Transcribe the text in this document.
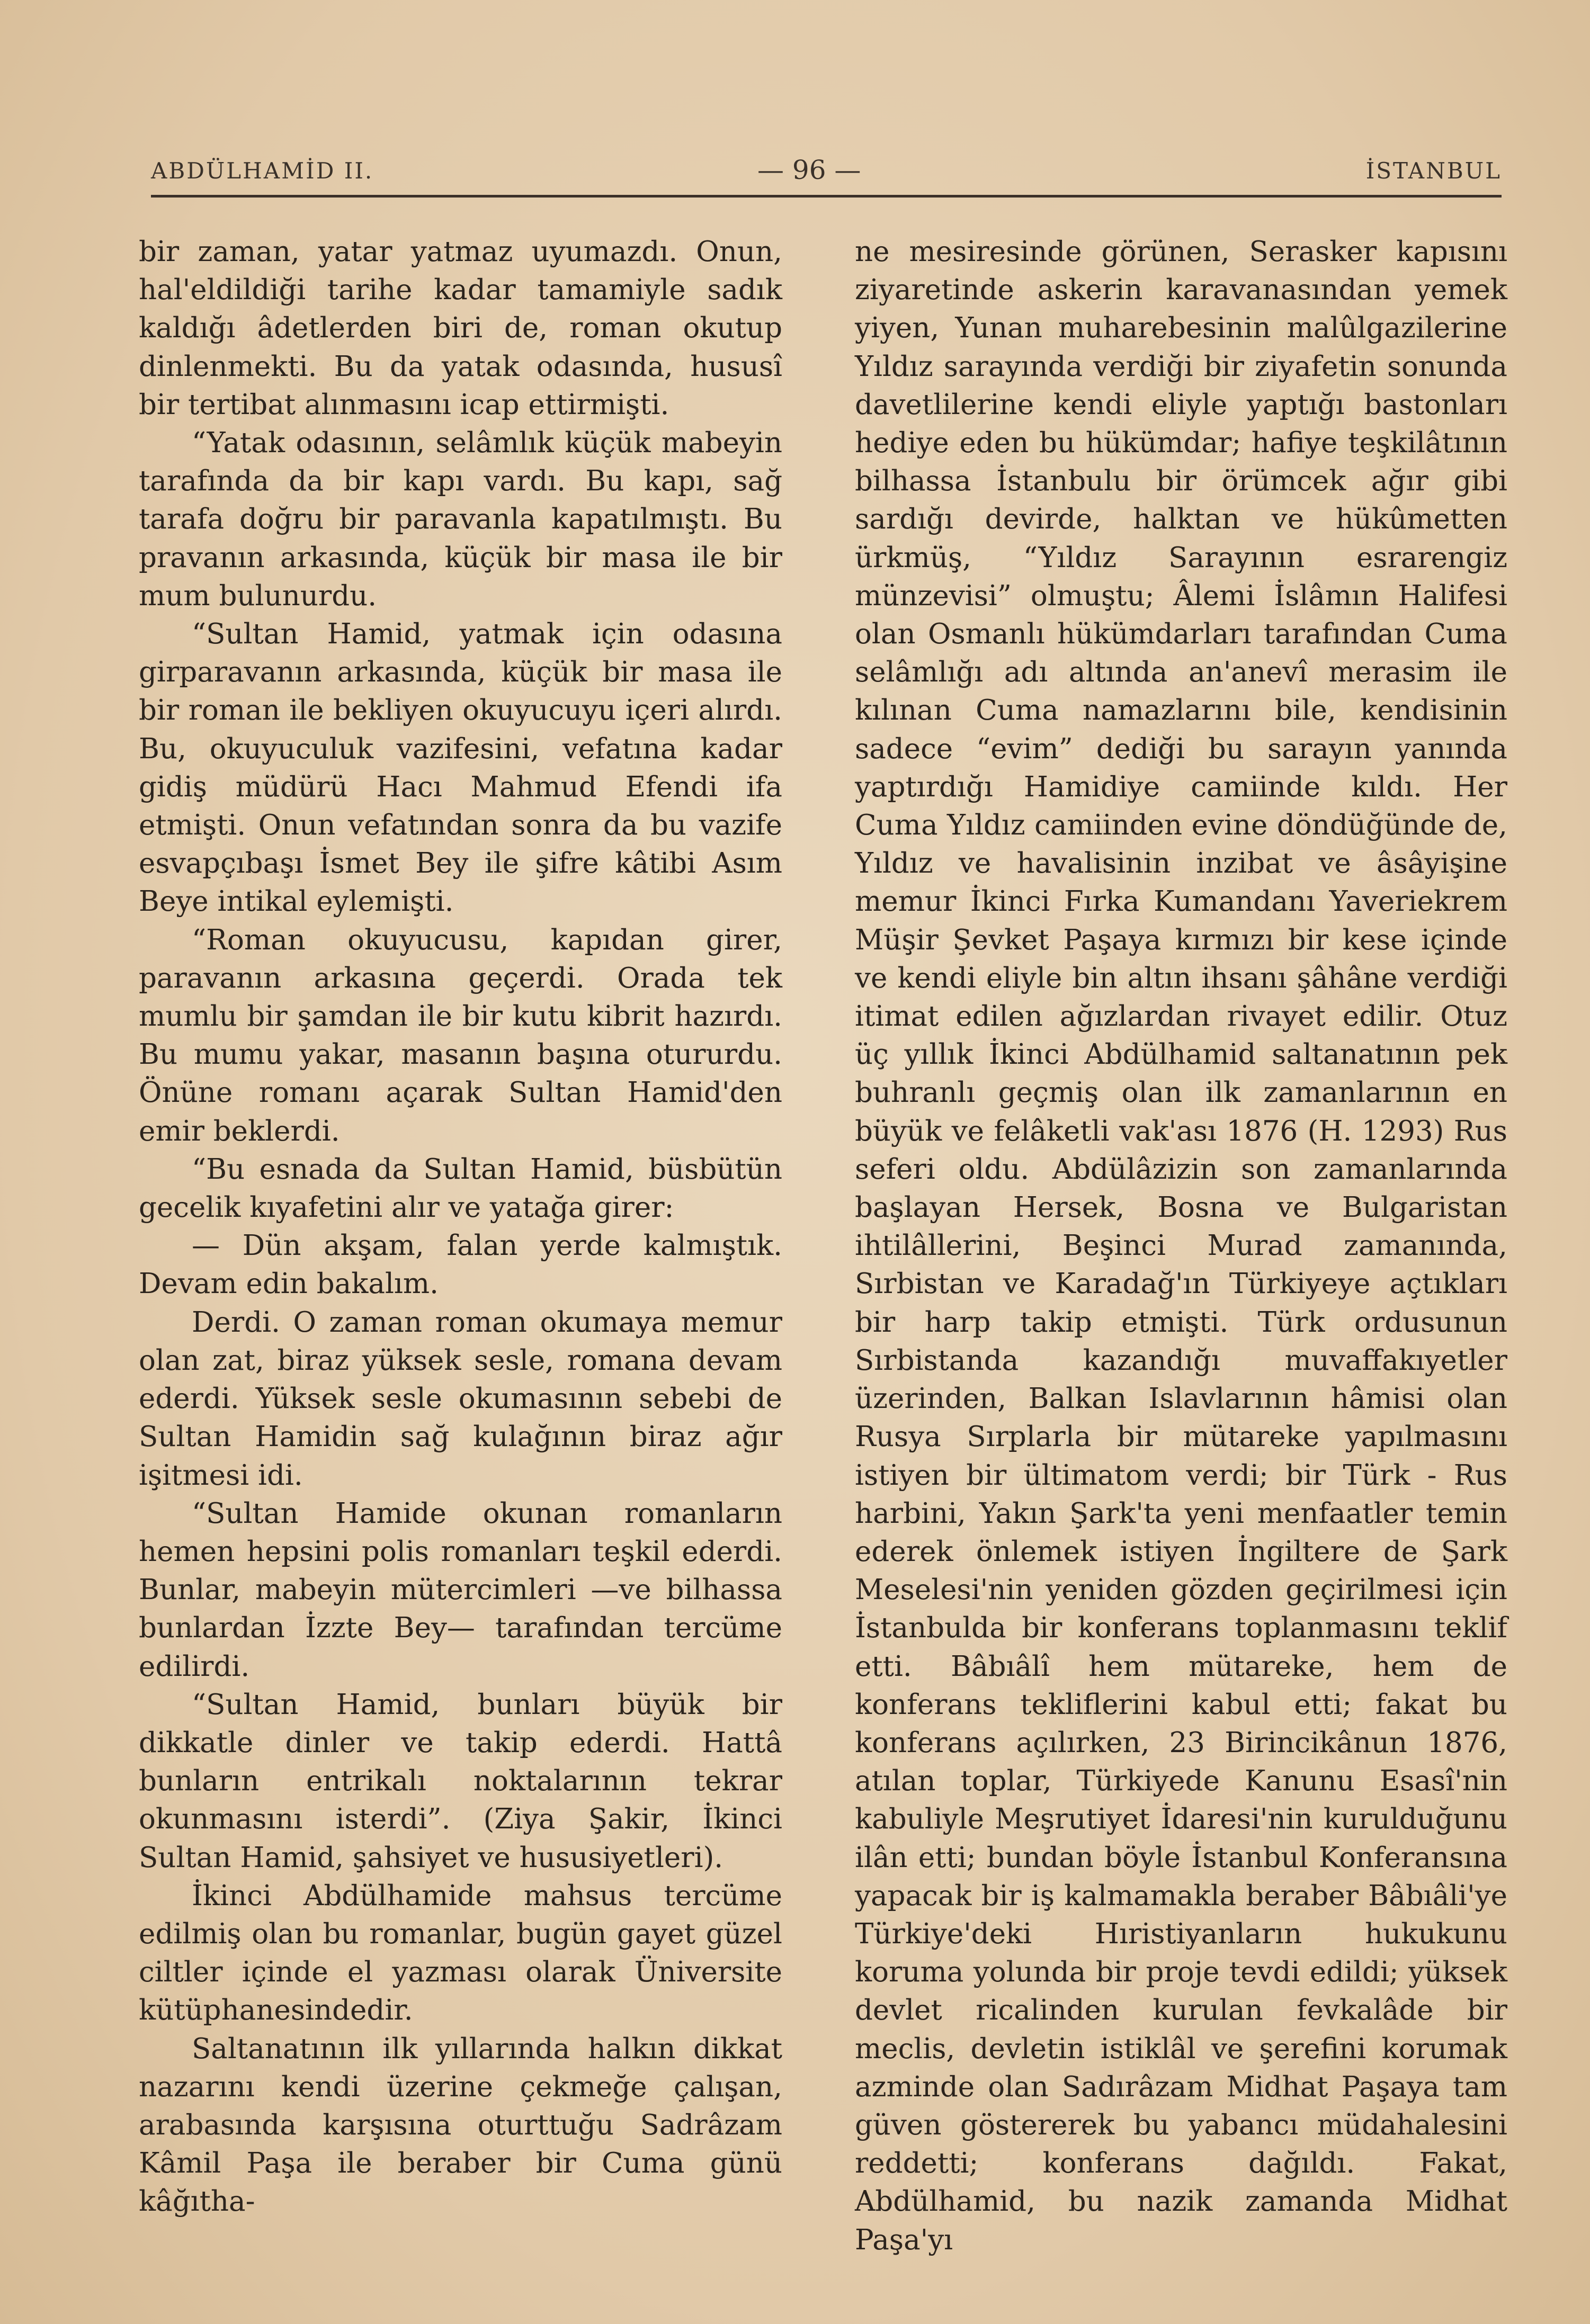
ABDÜLHAMİD II.	— 96 —	İSTANBUL

bir zaman, yatar yatmaz uyumazdı. Onun, hal'eldildiği tarihe kadar tamamiyle sadık kaldığı âdetlerden biri de, roman okutup dinlenmekti. Bu da yatak odasında, hususî bir tertibat alınmasını icap ettirmişti.

“Yatak odasının, selâmlık küçük mabeyin tarafında da bir kapı vardı. Bu kapı, sağ tarafa doğru bir paravanla kapatılmıştı. Bu pravanın arkasında, küçük bir masa ile bir mum bulunurdu.

“Sultan Hamid, yatmak için odasına girparavanın arkasında, küçük bir masa ile bir roman ile bekliyen okuyucuyu içeri alırdı. Bu, okuyuculuk vazifesini, vefatına kadar gidiş müdürü Hacı Mahmud Efendi ifa etmişti. Onun vefatından sonra da bu vazife esvapçıbaşı İsmet Bey ile şifre kâtibi Asım Beye intikal eylemişti.

“Roman okuyucusu, kapıdan girer, paravanın arkasına geçerdi. Orada tek mumlu bir şamdan ile bir kutu kibrit hazırdı. Bu mumu yakar, masanın başına otururdu. Önüne romanı açarak Sultan Hamid'den emir beklerdi.

“Bu esnada da Sultan Hamid, büsbütün gecelik kıyafetini alır ve yatağa girer:

— Dün akşam, falan yerde kalmıştık. Devam edin bakalım.

Derdi. O zaman roman okumaya memur olan zat, biraz yüksek sesle, romana devam ederdi. Yüksek sesle okumasının sebebi de Sultan Hamidin sağ kulağının biraz ağır işitmesi idi.

“Sultan Hamide okunan romanların hemen hepsini polis romanları teşkil ederdi. Bunlar, mabeyin mütercimleri —ve bilhassa bunlardan İzzte Bey— tarafından tercüme edilirdi.

“Sultan Hamid, bunları büyük bir dikkatle dinler ve takip ederdi. Hattâ bunların entrikalı noktalarının tekrar okunmasını isterdi”. (Ziya Şakir, İkinci Sultan Hamid, şahsiyet ve hususiyetleri).

İkinci Abdülhamide mahsus tercüme edilmiş olan bu romanlar, bugün gayet güzel ciltler içinde el yazması olarak Üniversite kütüphanesindedir.

Saltanatının ilk yıllarında halkın dikkat nazarını kendi üzerine çekmeğe çalışan, arabasında karşısına oturttuğu Sadrâzam Kâmil Paşa ile beraber bir Cuma günü kâğıtha-

ne mesiresinde görünen, Serasker kapısını ziyaretinde askerin karavanasından yemek yiyen, Yunan muharebesinin malûlgazilerine Yıldız sarayında verdiği bir ziyafetin sonunda davetlilerine kendi eliyle yaptığı bastonları hediye eden bu hükümdar; hafiye teşkilâtının bilhassa İstanbulu bir örümcek ağır gibi sardığı devirde, halktan ve hükûmetten ürkmüş, “Yıldız Sarayının esrarengiz münzevisi” olmuştu; Âlemi İslâmın Halifesi olan Osmanlı hükümdarları tarafından Cuma selâmlığı adı altında an'anevî merasim ile kılınan Cuma namazlarını bile, kendisinin sadece “evim” dediği bu sarayın yanında yaptırdığı Hamidiye camiinde kıldı. Her Cuma Yıldız camiinden evine döndüğünde de, Yıldız ve havalisinin inzibat ve âsâyişine memur İkinci Fırka Kumandanı Yaveriekrem Müşir Şevket Paşaya kırmızı bir kese içinde ve kendi eliyle bin altın ihsanı şâhâne verdiği itimat edilen ağızlardan rivayet edilir. Otuz üç yıllık İkinci Abdülhamid saltanatının pek buhranlı geçmiş olan ilk zamanlarının en büyük ve felâketli vak'ası 1876 (H. 1293) Rus seferi oldu. Abdülâzizin son zamanlarında başlayan Hersek, Bosna ve Bulgaristan ihtilâllerini, Beşinci Murad zamanında, Sırbistan ve Karadağ'ın Türkiyeye açtıkları bir harp takip etmişti. Türk ordusunun Sırbistanda kazandığı muvaffakıyetler üzerinden, Balkan Islavlarının hâmisi olan Rusya Sırplarla bir mütareke yapılmasını istiyen bir ültimatom verdi; bir Türk - Rus harbini, Yakın Şark'ta yeni menfaatler temin ederek önlemek istiyen İngiltere de Şark Meselesi'nin yeniden gözden geçirilmesi için İstanbulda bir konferans toplanmasını teklif etti. Bâbıâlî hem mütareke, hem de konferans tekliflerini kabul etti; fakat bu konferans açılırken, 23 Birincikânun 1876, atılan toplar, Türkiyede Kanunu Esasî'nin kabuliyle Meşrutiyet İdaresi'nin kurulduğunu ilân etti; bundan böyle İstanbul Konferansına yapacak bir iş kalmamakla beraber Bâbıâli'ye Türkiye'deki Hıristiyanların hukukunu koruma yolunda bir proje tevdi edildi; yüksek devlet ricalinden kurulan fevkalâde bir meclis, devletin istiklâl ve şerefini korumak azminde olan Sadırâzam Midhat Paşaya tam güven göstererek bu yabancı müdahalesini reddetti; konferans dağıldı. Fakat, Abdülhamid, bu nazik zamanda Midhat Paşa'yı
